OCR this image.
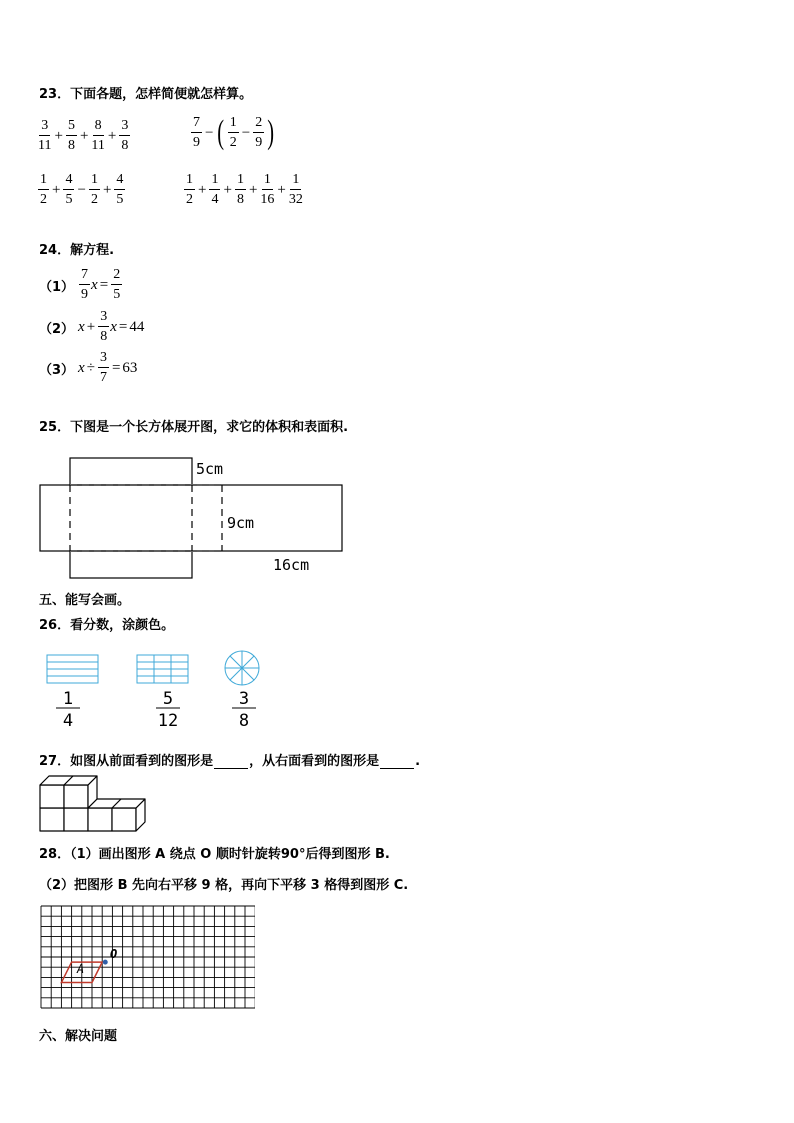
23．下面各题，怎样简便就怎样算。
$\frac{3}{11} + \frac{5}{8} + \frac{8}{11} + \frac{3}{8}$	$\frac{7}{9}$ − ( $\frac{1}{2} - \frac{2}{9}$ )
$\frac{1}{2} + \frac{4}{5} - \frac{1}{2} + \frac{4}{5}$	$\frac{1}{2} + \frac{1}{4} + \frac{1}{8} + \frac{1}{16} + \frac{1}{32}$
24．解方程.
$(1) \frac{7}{9}$ $x = \frac{2}{5}$
（2） $x + \frac{3}{8}$ x = 44
（3） $x \div \frac{3}{7} = 63$
25．下图是一个长方体展开图，求它的体积和表面积.
5cm
9cm
16cm
五、能写会画。
26．看分数，涂颜色。
1
4
5
12
3
8
27．如图从前面看到的图形是	，从右面看到的图形是	.
28．（1）画出图形 A 绕点 O 顺时针旋转90°后得到图形 B.
（2）把图形 B 先向右平移 9 格，再向下平移 3 格得到图形 C.
A
O
六、解决问题
